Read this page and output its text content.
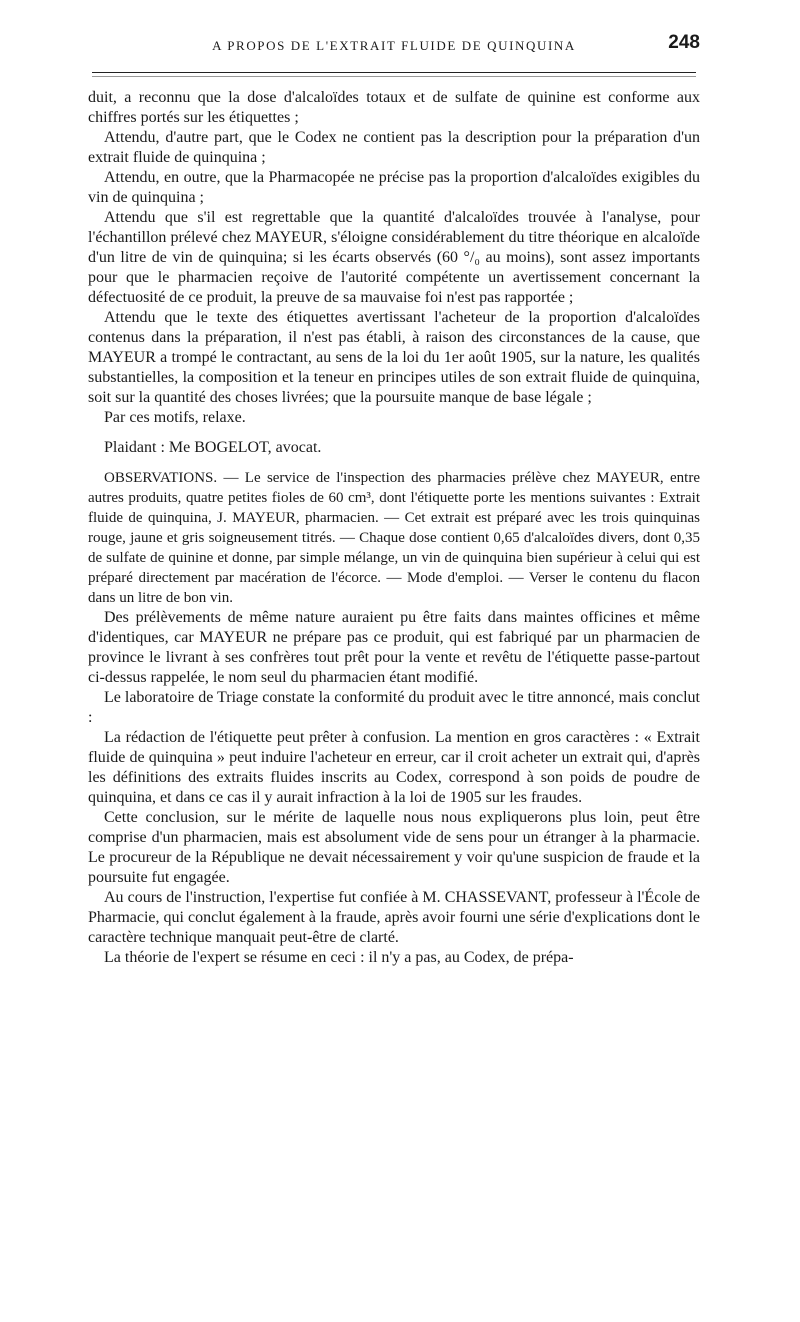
A PROPOS DE L'EXTRAIT FLUIDE DE QUINQUINA	248

duit, a reconnu que la dose d'alcaloïdes totaux et de sulfate de quinine est conforme aux chiffres portés sur les étiquettes ;

Attendu, d'autre part, que le Codex ne contient pas la description pour la préparation d'un extrait fluide de quinquina ;

Attendu, en outre, que la Pharmacopée ne précise pas la proportion d'alcaloïdes exigibles du vin de quinquina ;

Attendu que s'il est regrettable que la quantité d'alcaloïdes trouvée à l'analyse, pour l'échantillon prélevé chez MAYEUR, s'éloigne considérablement du titre théorique en alcaloïde d'un litre de vin de quinquina; si les écarts observés (60 °/₀ au moins), sont assez importants pour que le pharmacien reçoive de l'autorité compétente un avertissement concernant la défectuosité de ce produit, la preuve de sa mauvaise foi n'est pas rapportée ;

Attendu que le texte des étiquettes avertissant l'acheteur de la proportion d'alcaloïdes contenus dans la préparation, il n'est pas établi, à raison des circonstances de la cause, que MAYEUR a trompé le contractant, au sens de la loi du 1er août 1905, sur la nature, les qualités substantielles, la composition et la teneur en principes utiles de son extrait fluide de quinquina, soit sur la quantité des choses livrées; que la poursuite manque de base légale ;

Par ces motifs, relaxe.

Plaidant : Me BOGELOT, avocat.

OBSERVATIONS. — Le service de l'inspection des pharmacies prélève chez MAYEUR, entre autres produits, quatre petites fioles de 60 cm³, dont l'étiquette porte les mentions suivantes : Extrait fluide de quinquina, J. MAYEUR, pharmacien. — Cet extrait est préparé avec les trois quinquinas rouge, jaune et gris soigneusement titrés. — Chaque dose contient 0,65 d'alcaloïdes divers, dont 0,35 de sulfate de quinine et donne, par simple mélange, un vin de quinquina bien supérieur à celui qui est préparé directement par macération de l'écorce. — Mode d'emploi. — Verser le contenu du flacon dans un litre de bon vin.

Des prélèvements de même nature auraient pu être faits dans maintes officines et même d'identiques, car MAYEUR ne prépare pas ce produit, qui est fabriqué par un pharmacien de province le livrant à ses confrères tout prêt pour la vente et revêtu de l'étiquette passe-partout ci-dessus rappelée, le nom seul du pharmacien étant modifié.

Le laboratoire de Triage constate la conformité du produit avec le titre annoncé, mais conclut :

La rédaction de l'étiquette peut prêter à confusion. La mention en gros caractères : « Extrait fluide de quinquina » peut induire l'acheteur en erreur, car il croit acheter un extrait qui, d'après les définitions des extraits fluides inscrits au Codex, correspond à son poids de poudre de quinquina, et dans ce cas il y aurait infraction à la loi de 1905 sur les fraudes.

Cette conclusion, sur le mérite de laquelle nous nous expliquerons plus loin, peut être comprise d'un pharmacien, mais est absolument vide de sens pour un étranger à la pharmacie. Le procureur de la République ne devait nécessairement y voir qu'une suspicion de fraude et la poursuite fut engagée.

Au cours de l'instruction, l'expertise fut confiée à M. CHASSEVANT, professeur à l'École de Pharmacie, qui conclut également à la fraude, après avoir fourni une série d'explications dont le caractère technique manquait peut-être de clarté.

La théorie de l'expert se résume en ceci : il n'y a pas, au Codex, de prépa-
